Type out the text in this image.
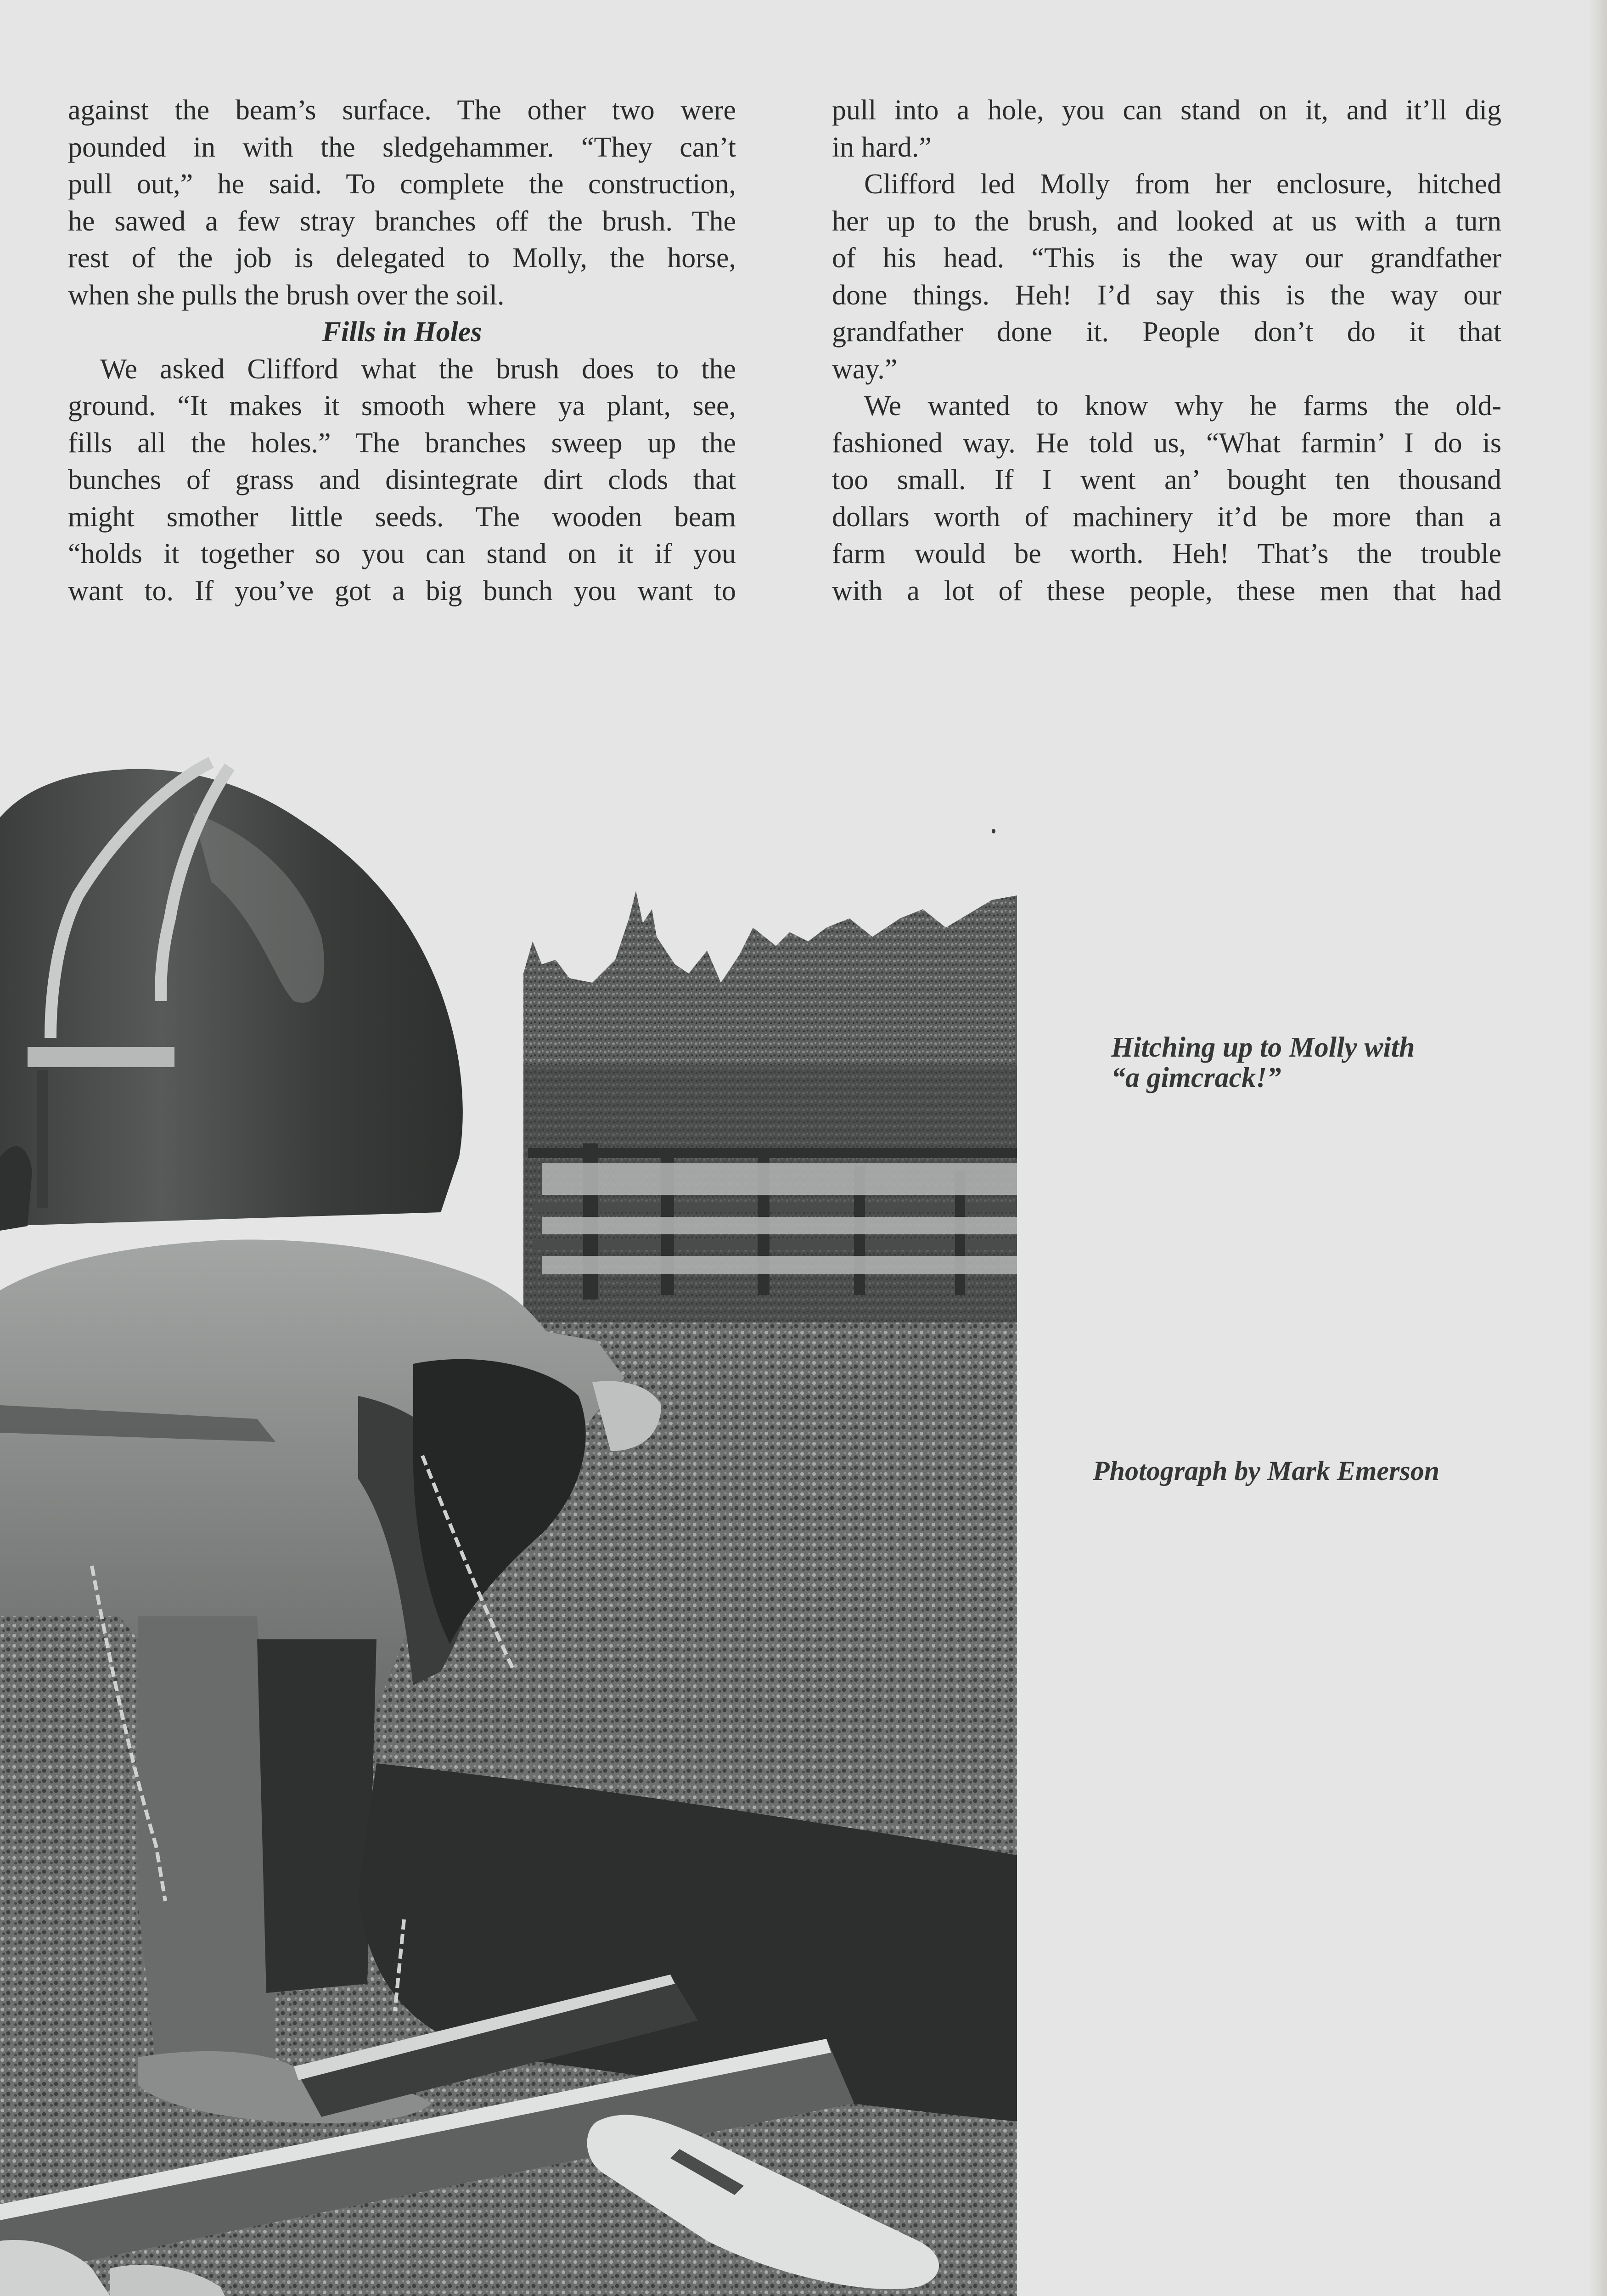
against the beam’s surface. The other two were
pounded in with the sledgehammer. “They can’t
pull out,” he said. To complete the construction,
he sawed a few stray branches off the brush. The
rest of the job is delegated to Molly, the horse,
when she pulls the brush over the soil.
Fills in Holes
We asked Clifford what the brush does to the
ground. “It makes it smooth where ya plant, see,
fills all the holes.” The branches sweep up the
bunches of grass and disintegrate dirt clods that
might smother little seeds. The wooden beam
“holds it together so you can stand on it if you
want to. If you’ve got a big bunch you want to
pull into a hole, you can stand on it, and it’ll dig
in hard.”
Clifford led Molly from her enclosure, hitched
her up to the brush, and looked at us with a turn
of his head. “This is the way our grandfather
done things. Heh! I’d say this is the way our
grandfather done it. People don’t do it that
way.”
We wanted to know why he farms the old-
fashioned way. He told us, “What farmin’ I do is
too small. If I went an’ bought ten thousand
dollars worth of machinery it’d be more than a
farm would be worth. Heh! That’s the trouble
with a lot of these people, these men that had
Hitching up to Molly with
“a gimcrack!”
Photograph by Mark Emerson
